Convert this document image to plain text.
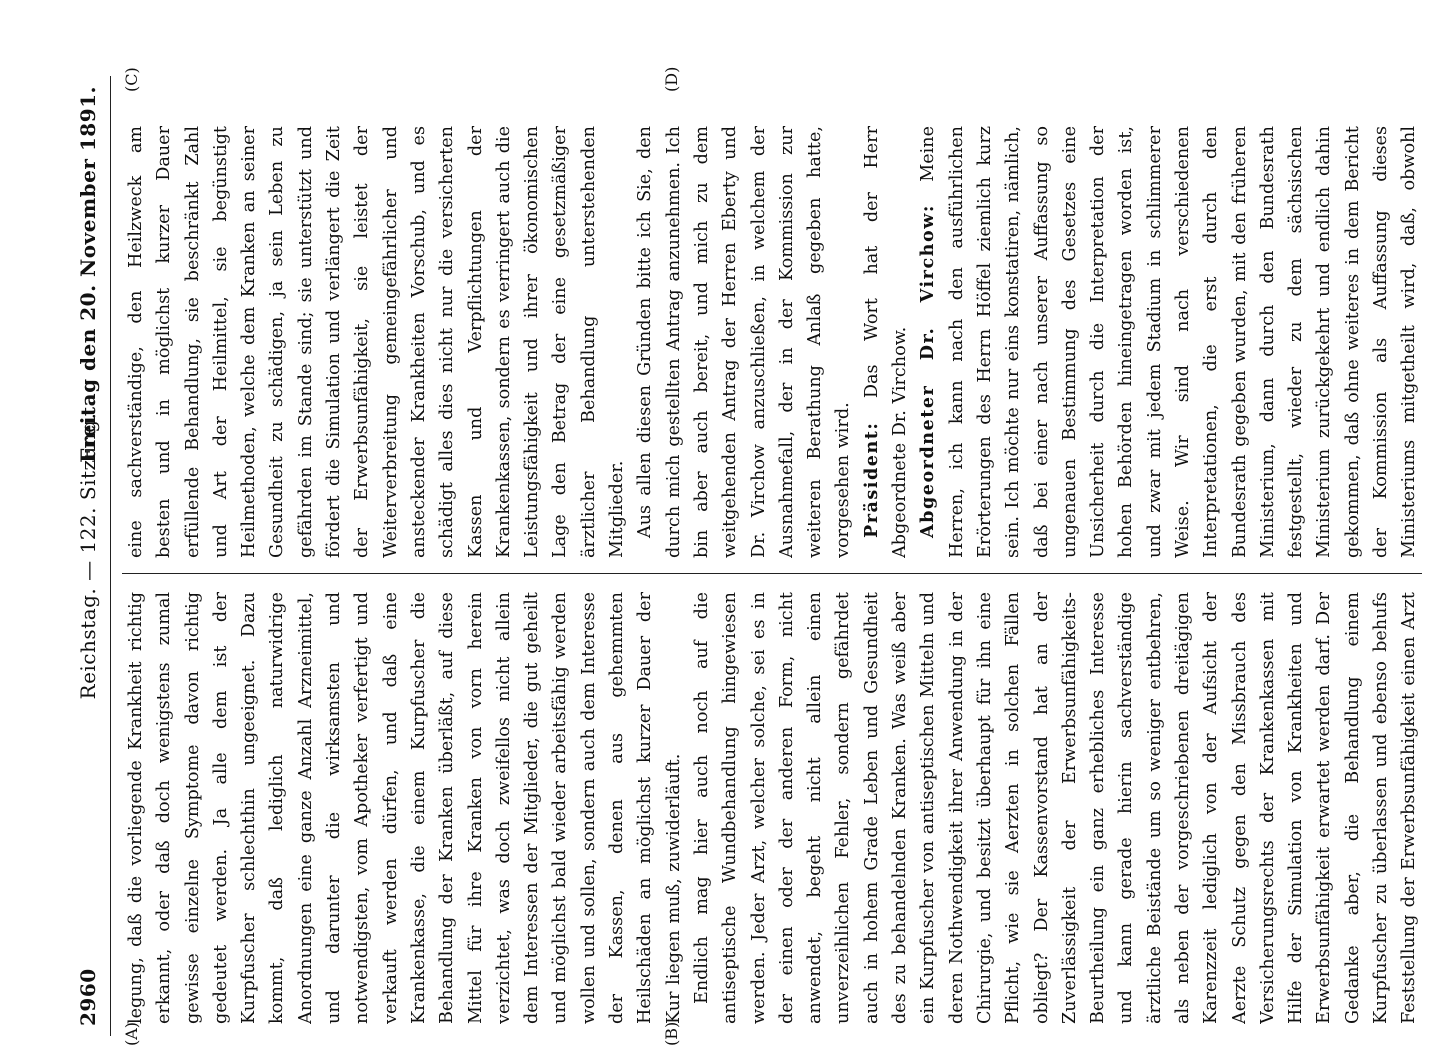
2960
Reichstag. — 122. Sitzung.
Freitag den 20. November 1891.
(A)	(B)
(C)	(D)

legung, daß die vorliegende Krankheit richtig erkannt, oder daß doch wenigstens zumal gewisse einzelne Symptome davon richtig gedeutet werden. Ja alle dem ist der Kurpfuscher schlechthin ungeeignet. Dazu kommt, daß lediglich naturwidrige Anordnungen eine ganze Anzahl Arzneimittel, und darunter die wirksamsten und notwendigsten, vom Apotheker verfertigt und verkauft werden dürfen, und daß eine Krankenkasse, die einem Kurpfuscher die Behandlung der Kranken überläßt, auf diese Mittel für ihre Kranken von vorn herein verzichtet, was doch zweifellos nicht allein dem Interessen der Mitglieder, die gut geheilt und möglichst bald wieder arbeitsfähig werden wollen und sollen, sondern auch dem Interesse der Kassen, denen aus gehemmten Heilschäden an möglichst kurzer Dauer der Kur liegen muß, zuwiderläuft. Endlich mag hier auch noch auf die antiseptische Wundbehandlung hingewiesen werden. Jeder Arzt, welcher solche, sei es in der einen oder der anderen Form, nicht anwendet, begeht nicht allein einen unverzeihlichen Fehler, sondern gefährdet auch in hohem Grade Leben und Gesundheit des zu behandelnden Kranken. Was weiß aber ein Kurpfuscher von antiseptischen Mitteln und deren Nothwendigkeit ihrer Anwendung in der Chirurgie, und besitzt überhaupt für ihn eine Pflicht, wie sie Aerzten in solchen Fällen obliegt? Der Kassenvorstand hat an der Zuverlässigkeit der Erwerbsunfähigkeits-Beurtheilung ein ganz erhebliches Interesse und kann gerade hierin sachverständige ärztliche Beistände um so weniger entbehren, als neben der vorgeschriebenen dreitägigen Karenzzeit lediglich von der Aufsicht der Aerzte Schutz gegen den Missbrauch des Versicherungsrechts der Krankenkassen mit Hilfe der Simulation von Krankheiten und Erwerbsunfähigkeit erwartet werden darf. Der Gedanke aber, die Behandlung einem Kurpfuscher zu überlassen und ebenso behufs Feststellung der Erwerbsunfähigkeit einen Arzt

eine sachverständige, den Heilzweck am besten und in möglichst kurzer Dauer erfüllende Behandlung, sie beschränkt Zahl und Art der Heilmittel, sie begünstigt Heilmethoden, welche dem Kranken an seiner Gesundheit zu schädigen, ja sein Leben zu gefährden im Stande sind; sie unterstützt und fördert die Simulation und verlängert die Zeit der Erwerbsunfähigkeit, sie leistet der Weiterverbreitung gemeingefährlicher und ansteckender Krankheiten Vorschub, und es schädigt alles dies nicht nur die versicherten Kassen und Verpflichtungen der Krankenkassen, sondern es verringert auch die Leistungsfähigkeit und ihrer ökonomischen Lage den Betrag der eine gesetzmäßiger ärztlicher Behandlung unterstehenden Mitglieder. Aus allen diesen Gründen bitte ich Sie, den durch mich gestellten Antrag anzunehmen. Ich bin aber auch bereit, und mich zu dem weitgehenden Antrag der Herren Eberty und Dr. Virchow anzuschließen, in welchem der Ausnahmefall, der in der Kommission zur weiteren Berathung Anlaß gegeben hatte, vorgesehen wird. Präsident: Das Wort hat der Herr Abgeordnete Dr. Virchow. Abgeordneter Dr. Virchow: Meine Herren, ich kann nach den ausführlichen Erörterungen des Herrn Höffel ziemlich kurz sein. Ich möchte nur eins konstatiren, nämlich, daß bei einer nach unserer Auffassung so ungenauen Bestimmung des Gesetzes eine Unsicherheit durch die Interpretation der hohen Behörden hineingetragen worden ist, und zwar mit jedem Stadium in schlimmerer Weise. Wir sind nach verschiedenen Interpretationen, die erst durch den Bundesrath gegeben wurden, mit den früheren Ministerium, dann durch den Bundesrath festgestellt, wieder zu dem sächsischen Ministerium zurückgekehrt und endlich dahin gekommen, daß ohne weiteres in dem Bericht der Kommission als Auffassung dieses Ministeriums mitgetheilt wird, daß, obwohl
